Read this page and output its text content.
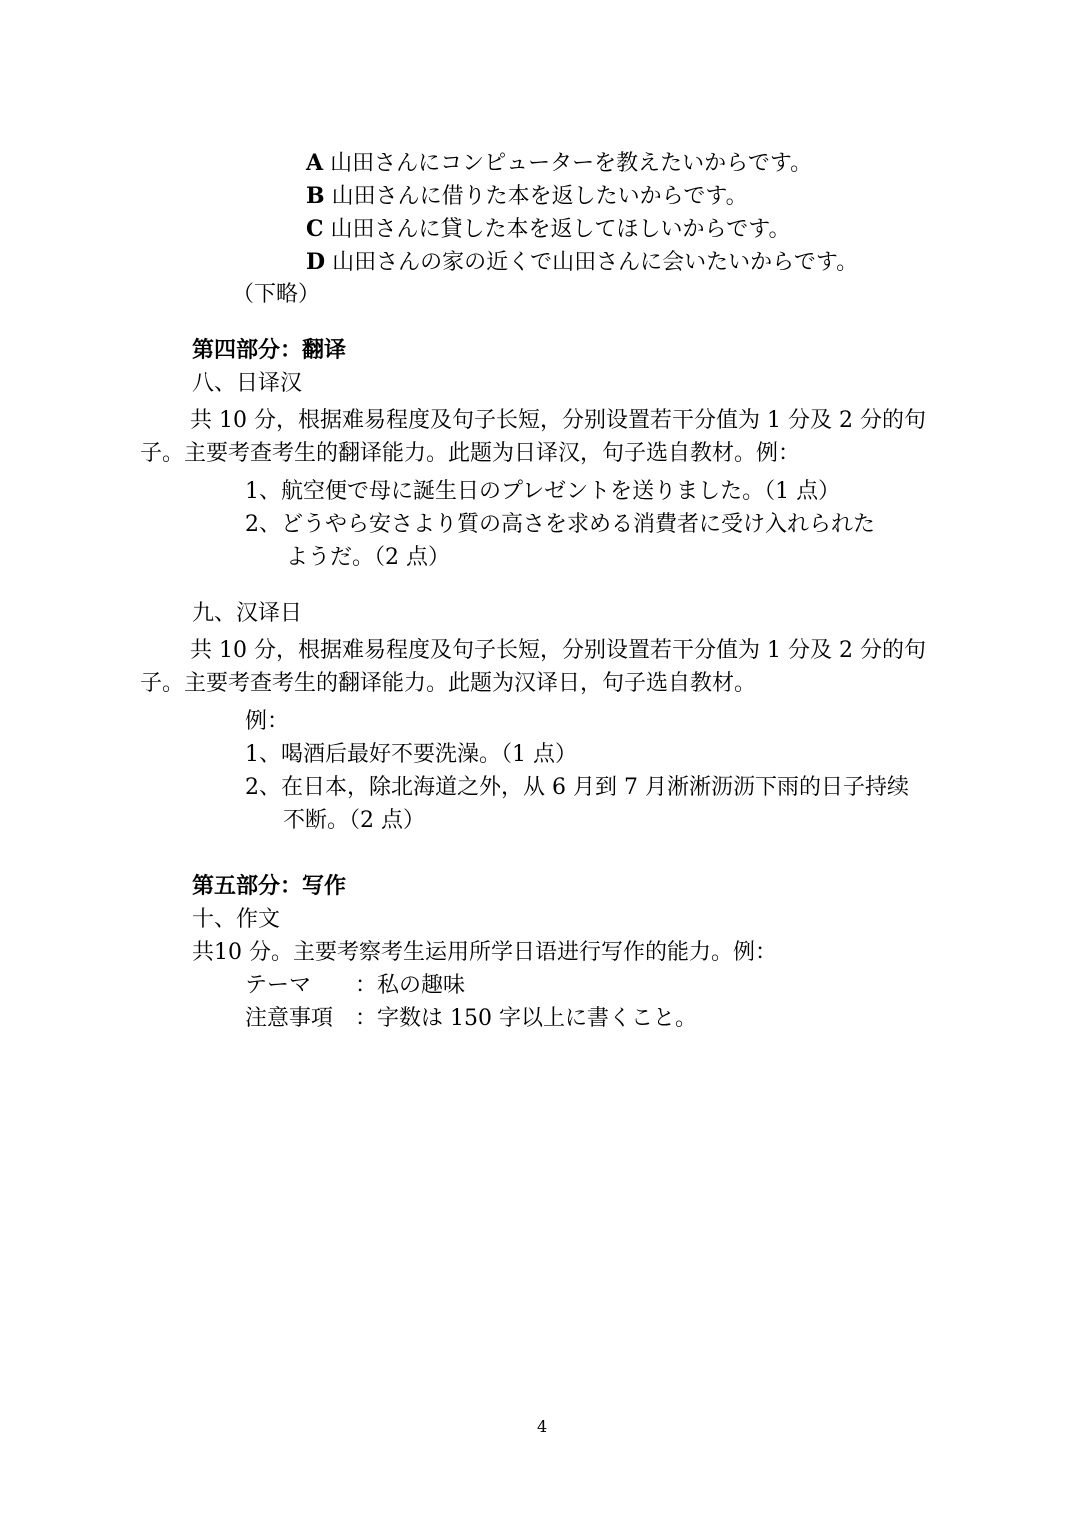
A 山田さんにコンピューターを教えたいからです。
B 山田さんに借りた本を返したいからです。
C 山田さんに貸した本を返してほしいからです。
D 山田さんの家の近くで山田さんに会いたいからです。
（下略）
第四部分：翻译
八、日译汉
共 10 分，根据难易程度及句子长短，分别设置若干分值为 1 分及 2 分的句
子。主要考查考生的翻译能力。此题为日译汉，句子选自教材。例：
1、航空便で母に誕生日のプレゼントを送りました。（1 点）
2、どうやら安さより質の高さを求める消費者に受け入れられた
ようだ。（2 点）
九、汉译日
共 10 分，根据难易程度及句子长短，分别设置若干分值为 1 分及 2 分的句
子。主要考查考生的翻译能力。此题为汉译日，句子选自教材。
例：
1、喝酒后最好不要洗澡。（1 点）
2、在日本，除北海道之外，从 6 月到 7 月淅淅沥沥下雨的日子持续
不断。（2 点）
第五部分：写作
十、作文
共10 分。主要考察考生运用所学日语进行写作的能力。例：
テーマ ：私の趣味
注意事項 ：字数は 150 字以上に書くこと。
4
